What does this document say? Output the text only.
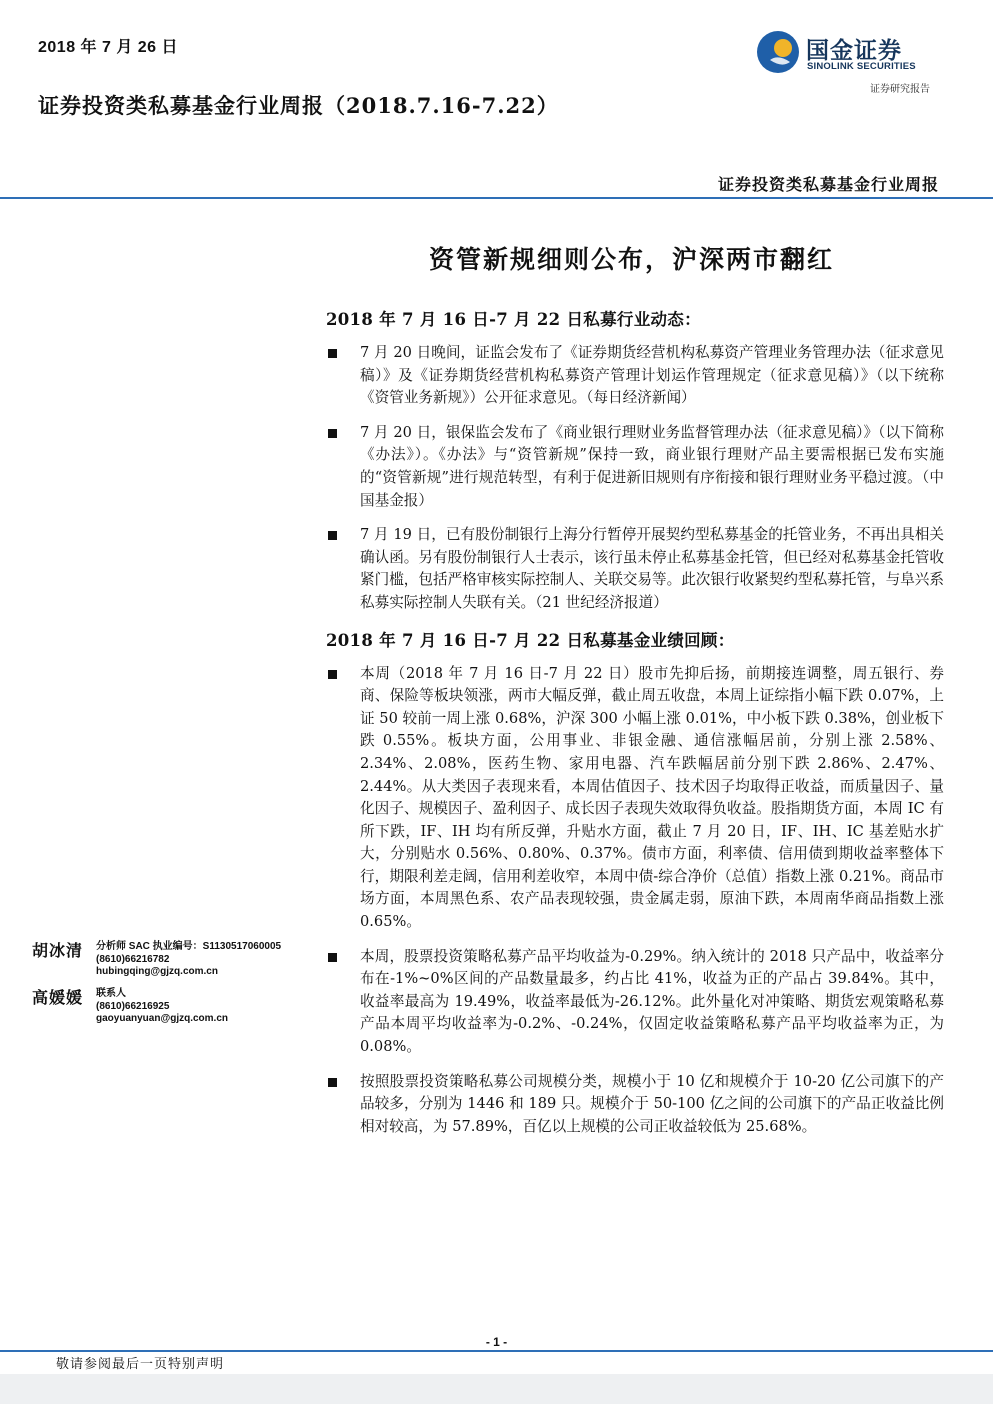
2018 年 7 月 26 日
证券投资类私募基金行业周报（2018.7.16-7.22）
国金证券
SINOLINK SECURITIES
证券研究报告
证券投资类私募基金行业周报
资管新规细则公布，沪深两市翻红
2018 年 7 月 16 日-7 月 22 日私募行业动态：
7 月 20 日晚间，证监会发布了《证券期货经营机构私募资产管理业务管理办法（征求意见稿）》及《证券期货经营机构私募资产管理计划运作管理规定（征求意见稿）》（以下统称《资管业务新规》）公开征求意见。（每日经济新闻）
7 月 20 日，银保监会发布了《商业银行理财业务监督管理办法（征求意见稿）》（以下简称《办法》）。《办法》与“资管新规”保持一致，商业银行理财产品主要需根据已发布实施的“资管新规”进行规范转型，有利于促进新旧规则有序衔接和银行理财业务平稳过渡。（中国基金报）
7 月 19 日，已有股份制银行上海分行暂停开展契约型私募基金的托管业务，不再出具相关确认函。另有股份制银行人士表示，该行虽未停止私募基金托管，但已经对私募基金托管收紧门槛，包括严格审核实际控制人、关联交易等。此次银行收紧契约型私募托管，与阜兴系私募实际控制人失联有关。（21 世纪经济报道）
2018 年 7 月 16 日-7 月 22 日私募基金业绩回顾：
本周（2018 年 7 月 16 日-7 月 22 日）股市先抑后扬，前期接连调整，周五银行、券商、保险等板块领涨，两市大幅反弹，截止周五收盘，本周上证综指小幅下跌 0.07%，上证 50 较前一周上涨 0.68%，沪深 300 小幅上涨 0.01%，中小板下跌 0.38%，创业板下跌 0.55%。板块方面，公用事业、非银金融、通信涨幅居前，分别上涨 2.58%、2.34%、2.08%，医药生物、家用电器、汽车跌幅居前分别下跌 2.86%、2.47%、2.44%。从大类因子表现来看，本周估值因子、技术因子均取得正收益，而质量因子、量化因子、规模因子、盈利因子、成长因子表现失效取得负收益。股指期货方面，本周 IC 有所下跌，IF、IH 均有所反弹，升贴水方面，截止 7 月 20 日，IF、IH、IC 基差贴水扩大，分别贴水 0.56%、0.80%、0.37%。债市方面，利率债、信用债到期收益率整体下行，期限利差走阔，信用利差收窄，本周中债-综合净价（总值）指数上涨 0.21%。商品市场方面，本周黑色系、农产品表现较强，贵金属走弱，原油下跌，本周南华商品指数上涨 0.65%。
本周，股票投资策略私募产品平均收益为-0.29%。纳入统计的 2018 只产品中，收益率分布在-1%~0%区间的产品数量最多，约占比 41%，收益为正的产品占 39.84%。其中，收益率最高为 19.49%，收益率最低为-26.12%。此外量化对冲策略、期货宏观策略私募产品本周平均收益率为-0.2%、-0.24%，仅固定收益策略私募产品平均收益率为正，为 0.08%。
按照股票投资策略私募公司规模分类，规模小于 10 亿和规模介于 10-20 亿公司旗下的产品较多，分别为 1446 和 189 只。规模介于 50-100 亿之间的公司旗下的产品正收益比例相对较高，为 57.89%，百亿以上规模的公司正收益较低为 25.68%。
胡冰清 分析师 SAC 执业编号：S1130517060005
(8610)66216782
hubingqing@gjzq.com.cn
高媛媛 联系人
(8610)66216925
gaoyuanyuan@gjzq.com.cn
- 1 -
敬请参阅最后一页特别声明
